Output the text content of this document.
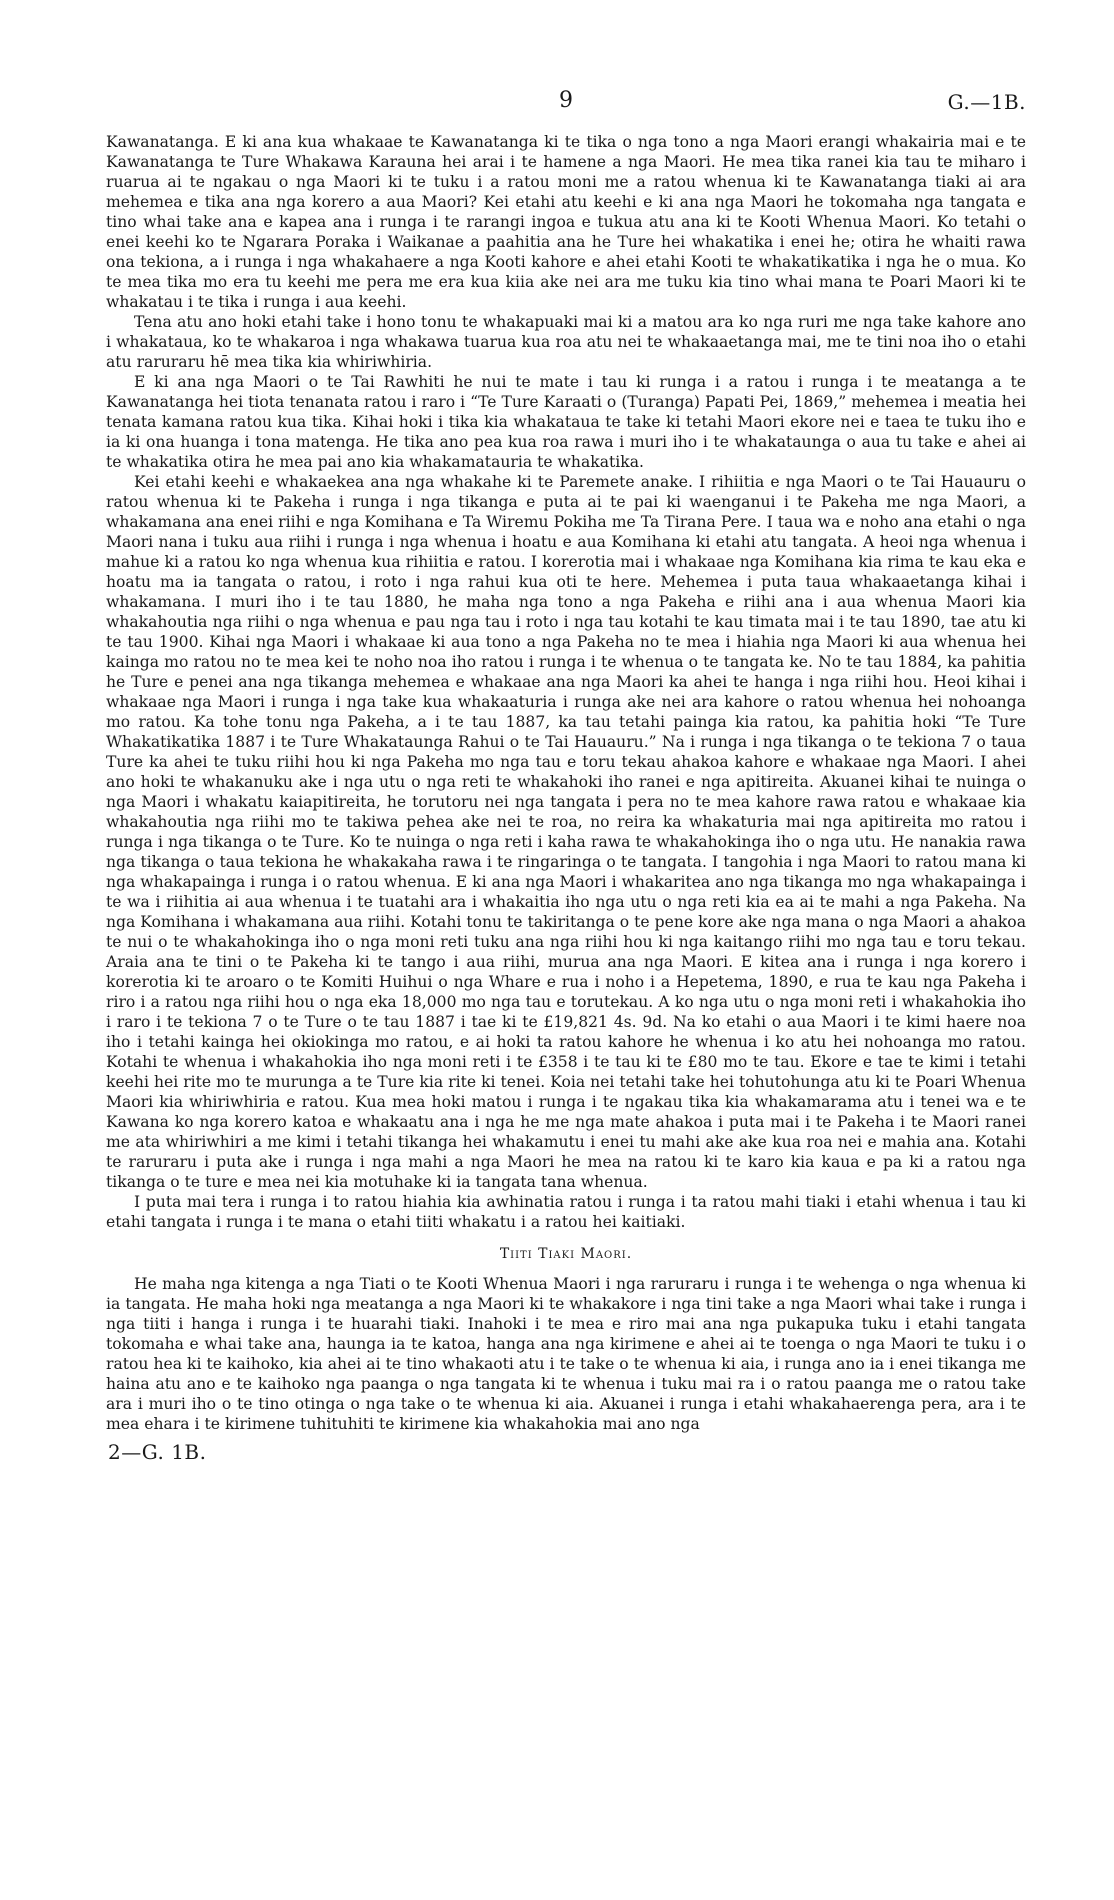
9	G.—1B.

Kawanatanga. E ki ana kua whakaae te Kawanatanga ki te tika o nga tono a nga Maori erangi whakairia mai e te Kawanatanga te Ture Whakawa Karauna hei arai i te hamene a nga Maori. He mea tika ranei kia tau te miharo i ruarua ai te ngakau o nga Maori ki te tuku i a ratou moni me a ratou whenua ki te Kawanatanga tiaki ai ara mehemea e tika ana nga korero a aua Maori? Kei etahi atu keehi e ki ana nga Maori he tokomaha nga tangata e tino whai take ana e kapea ana i runga i te rarangi ingoa e tukua atu ana ki te Kooti Whenua Maori. Ko tetahi o enei keehi ko te Ngarara Poraka i Waikanae a paahitia ana he Ture hei whakatika i enei he; otira he whaiti rawa ona tekiona, a i runga i nga whakahaere a nga Kooti kahore e ahei etahi Kooti te whakatikatika i nga he o mua. Ko te mea tika mo era tu keehi me pera me era kua kiia ake nei ara me tuku kia tino whai mana te Poari Maori ki te whakatau i te tika i runga i aua keehi.

Tena atu ano hoki etahi take i hono tonu te whakapuaki mai ki a matou ara ko nga ruri me nga take kahore ano i whakataua, ko te whakaroa i nga whakawa tuarua kua roa atu nei te whakaaetanga mai, me te tini noa iho o etahi atu raruraru hē mea tika kia whiriwhiria.

E ki ana nga Maori o te Tai Rawhiti he nui te mate i tau ki runga i a ratou i runga i te meatanga a te Kawanatanga hei tiota tenanata ratou i raro i “Te Ture Karaati o (Turanga) Papati Pei, 1869,” mehemea i meatia hei tenata kamana ratou kua tika. Kihai hoki i tika kia whakataua te take ki tetahi Maori ekore nei e taea te tuku iho e ia ki ona huanga i tona matenga. He tika ano pea kua roa rawa i muri iho i te whakataunga o aua tu take e ahei ai te whakatika otira he mea pai ano kia whakamatauria te whakatika.

Kei etahi keehi e whakaekea ana nga whakahe ki te Paremete anake. I rihiitia e nga Maori o te Tai Hauauru o ratou whenua ki te Pakeha i runga i nga tikanga e puta ai te pai ki waenganui i te Pakeha me nga Maori, a whakamana ana enei riihi e nga Komihana e Ta Wiremu Pokiha me Ta Tirana Pere. I taua wa e noho ana etahi o nga Maori nana i tuku aua riihi i runga i nga whenua i hoatu e aua Komihana ki etahi atu tangata. A heoi nga whenua i mahue ki a ratou ko nga whenua kua rihiitia e ratou. I korerotia mai i whakaae nga Komihana kia rima te kau eka e hoatu ma ia tangata o ratou, i roto i nga rahui kua oti te here. Mehemea i puta taua whakaaetanga kihai i whakamana. I muri iho i te tau 1880, he maha nga tono a nga Pakeha e riihi ana i aua whenua Maori kia whakahoutia nga riihi o nga whenua e pau nga tau i roto i nga tau kotahi te kau timata mai i te tau 1890, tae atu ki te tau 1900. Kihai nga Maori i whakaae ki aua tono a nga Pakeha no te mea i hiahia nga Maori ki aua whenua hei kainga mo ratou no te mea kei te noho noa iho ratou i runga i te whenua o te tangata ke. No te tau 1884, ka pahitia he Ture e penei ana nga tikanga mehemea e whakaae ana nga Maori ka ahei te hanga i nga riihi hou. Heoi kihai i whakaae nga Maori i runga i nga take kua whakaaturia i runga ake nei ara kahore o ratou whenua hei nohoanga mo ratou. Ka tohe tonu nga Pakeha, a i te tau 1887, ka tau tetahi painga kia ratou, ka pahitia hoki “Te Ture Whakatikatika 1887 i te Ture Whakataunga Rahui o te Tai Hauauru.” Na i runga i nga tikanga o te tekiona 7 o taua Ture ka ahei te tuku riihi hou ki nga Pakeha mo nga tau e toru tekau ahakoa kahore e whakaae nga Maori. I ahei ano hoki te whakanuku ake i nga utu o nga reti te whakahoki iho ranei e nga apitireita. Akuanei kihai te nuinga o nga Maori i whakatu kaiapitireita, he torutoru nei nga tangata i pera no te mea kahore rawa ratou e whakaae kia whakahoutia nga riihi mo te takiwa pehea ake nei te roa, no reira ka whakaturia mai nga apitireita mo ratou i runga i nga tikanga o te Ture. Ko te nuinga o nga reti i kaha rawa te whakahokinga iho o nga utu. He nanakia rawa nga tikanga o taua tekiona he whakakaha rawa i te ringaringa o te tangata. I tangohia i nga Maori to ratou mana ki nga whakapainga i runga i o ratou whenua. E ki ana nga Maori i whakaritea ano nga tikanga mo nga whakapainga i te wa i riihitia ai aua whenua i te tuatahi ara i whakaitia iho nga utu o nga reti kia ea ai te mahi a nga Pakeha. Na nga Komihana i whakamana aua riihi. Kotahi tonu te takiritanga o te pene kore ake nga mana o nga Maori a ahakoa te nui o te whakahokinga iho o nga moni reti tuku ana nga riihi hou ki nga kaitango riihi mo nga tau e toru tekau. Araia ana te tini o te Pakeha ki te tango i aua riihi, murua ana nga Maori. E kitea ana i runga i nga korero i korerotia ki te aroaro o te Komiti Huihui o nga Whare e rua i noho i a Hepetema, 1890, e rua te kau nga Pakeha i riro i a ratou nga riihi hou o nga eka 18,000 mo nga tau e torutekau. A ko nga utu o nga moni reti i whakahokia iho i raro i te tekiona 7 o te Ture o te tau 1887 i tae ki te £19,821 4s. 9d. Na ko etahi o aua Maori i te kimi haere noa iho i tetahi kainga hei okiokinga mo ratou, e ai hoki ta ratou kahore he whenua i ko atu hei nohoanga mo ratou. Kotahi te whenua i whakahokia iho nga moni reti i te £358 i te tau ki te £80 mo te tau. Ekore e tae te kimi i tetahi keehi hei rite mo te murunga a te Ture kia rite ki tenei. Koia nei tetahi take hei tohutohunga atu ki te Poari Whenua Maori kia whiriwhiria e ratou. Kua mea hoki matou i runga i te ngakau tika kia whakamarama atu i tenei wa e te Kawana ko nga korero katoa e whakaatu ana i nga he me nga mate ahakoa i puta mai i te Pakeha i te Maori ranei me ata whiriwhiri a me kimi i tetahi tikanga hei whakamutu i enei tu mahi ake ake kua roa nei e mahia ana. Kotahi te raruraru i puta ake i runga i nga mahi a nga Maori he mea na ratou ki te karo kia kaua e pa ki a ratou nga tikanga o te ture e mea nei kia motuhake ki ia tangata tana whenua.

I puta mai tera i runga i to ratou hiahia kia awhinatia ratou i runga i ta ratou mahi tiaki i etahi whenua i tau ki etahi tangata i runga i te mana o etahi tiiti whakatu i a ratou hei kaitiaki.

Tiiti Tiaki Maori.

He maha nga kitenga a nga Tiati o te Kooti Whenua Maori i nga raruraru i runga i te wehenga o nga whenua ki ia tangata. He maha hoki nga meatanga a nga Maori ki te whakakore i nga tini take a nga Maori whai take i runga i nga tiiti i hanga i runga i te huarahi tiaki. Inahoki i te mea e riro mai ana nga pukapuka tuku i etahi tangata tokomaha e whai take ana, haunga ia te katoa, hanga ana nga kirimene e ahei ai te toenga o nga Maori te tuku i o ratou hea ki te kaihoko, kia ahei ai te tino whakaoti atu i te take o te whenua ki aia, i runga ano ia i enei tikanga me haina atu ano e te kaihoko nga paanga o nga tangata ki te whenua i tuku mai ra i o ratou paanga me o ratou take ara i muri iho o te tino otinga o nga take o te whenua ki aia. Akuanei i runga i etahi whakahaerenga pera, ara i te mea ehara i te kirimene tuhituhiti te kirimene kia whakahokia mai ano nga

2—G. 1B.
